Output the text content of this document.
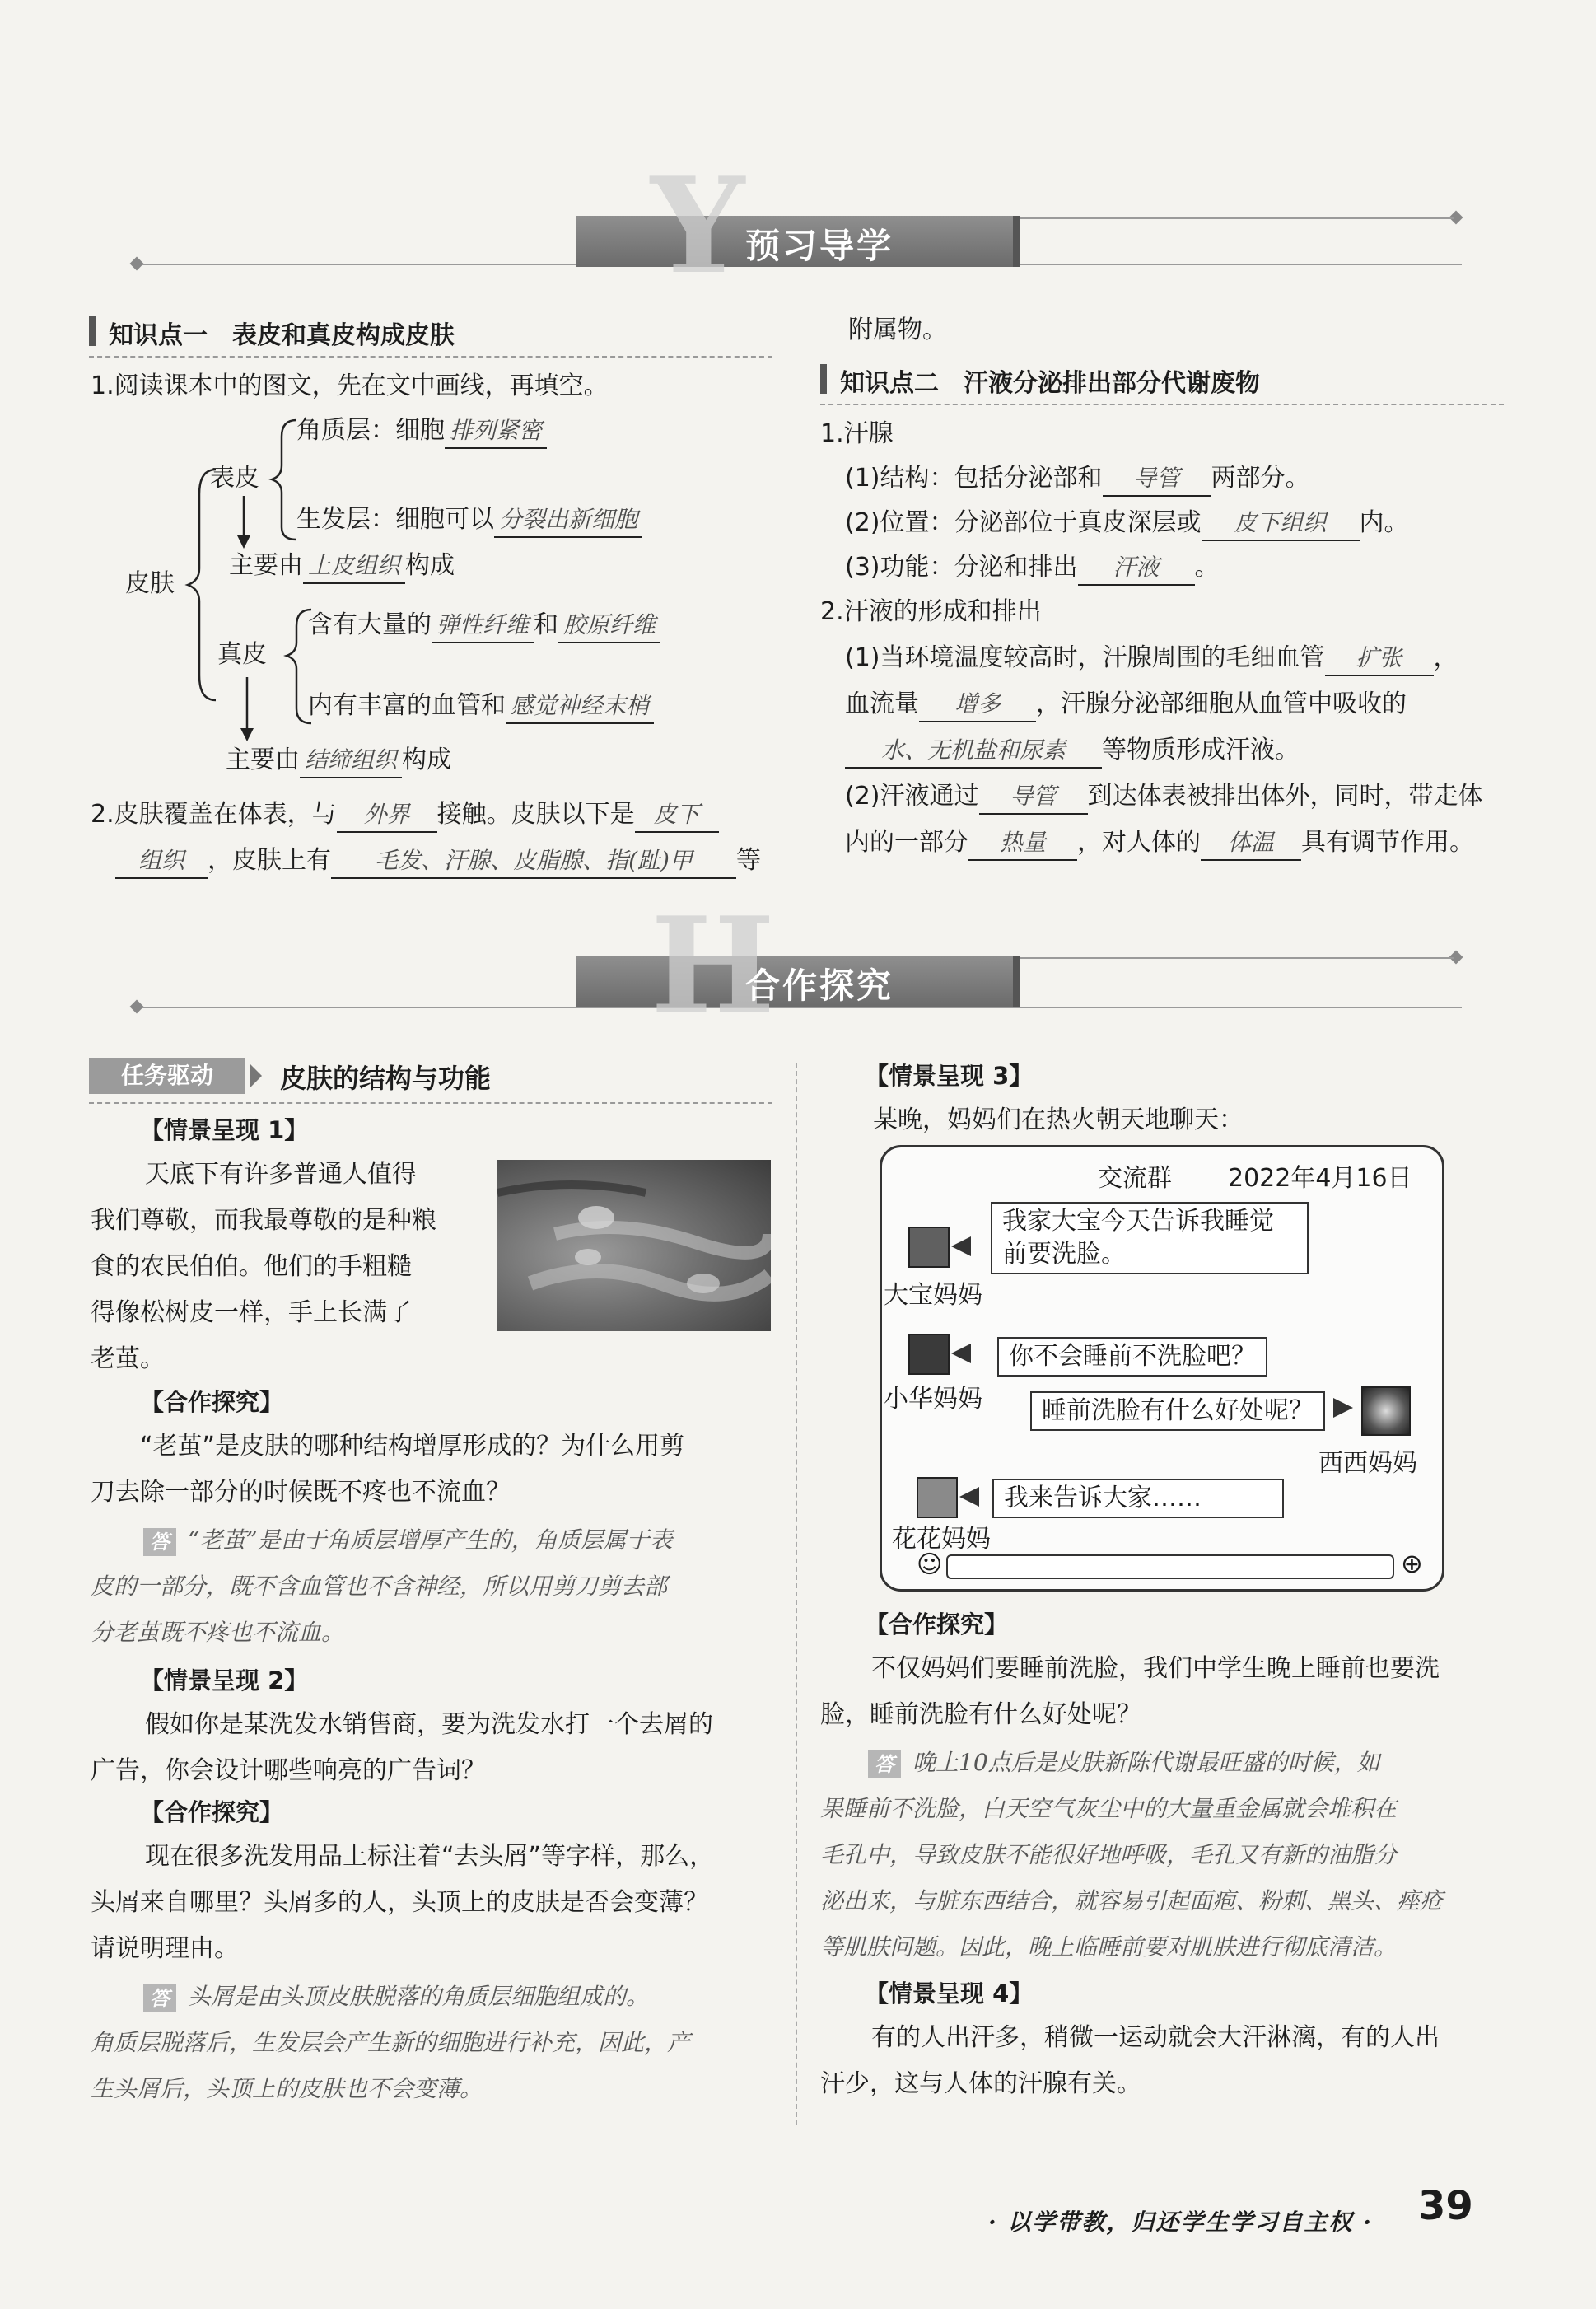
Y 预习导学
知识点一　表皮和真皮构成皮肤
1.阅读课本中的图文，先在文中画线，再填空。
皮肤
表皮
角质层：细胞 排列紧密
生发层：细胞可以 分裂出新细胞
主要由 上皮组织 构成
真皮
含有大量的 弹性纤维 和 胶原纤维
内有丰富的血管和 感觉神经末梢
主要由 结缔组织 构成
2.皮肤覆盖在体表，与 外界 接触。皮肤以下是 皮下
组织 ，皮肤上有 毛发、汗腺、皮脂腺、指(趾)甲 等
附属物。
知识点二　汗液分泌排出部分代谢废物
1.汗腺
(1)结构：包括分泌部和 导管 两部分。
(2)位置：分泌部位于真皮深层或 皮下组织 内。
(3)功能：分泌和排出 汗液 。
2.汗液的形成和排出
(1)当环境温度较高时，汗腺周围的毛细血管 扩张 ，
血流量 增多 ，汗腺分泌部细胞从血管中吸收的
水、无机盐和尿素 等物质形成汗液。
(2)汗液通过 导管 到达体表被排出体外，同时，带走体
内的一部分 热量 ，对人体的 体温 具有调节作用。
H
合作探究
任务驱动	皮肤的结构与功能
【情景呈现 1】
天底下有许多普通人值得
我们尊敬，而我最尊敬的是种粮
食的农民伯伯。他们的手粗糙
得像松树皮一样，手上长满了
老茧。
【合作探究】
“老茧”是皮肤的哪种结构增厚形成的？为什么用剪
刀去除一部分的时候既不疼也不流血？
答 “老茧”是由于角质层增厚产生的，角质层属于表
皮的一部分，既不含血管也不含神经，所以用剪刀剪去部
分老茧既不疼也不流血。
【情景呈现 2】
假如你是某洗发水销售商，要为洗发水打一个去屑的
广告，你会设计哪些响亮的广告词？
【合作探究】
现在很多洗发用品上标注着“去头屑”等字样，那么，
头屑来自哪里？头屑多的人，头顶上的皮肤是否会变薄？
请说明理由。
答 头屑是由头顶皮肤脱落的角质层细胞组成的。
角质层脱落后，生发层会产生新的细胞进行补充，因此，产
生头屑后，头顶上的皮肤也不会变薄。
【情景呈现 3】
某晚，妈妈们在热火朝天地聊天：
交流群 2022年4月16日
我家大宝今天告诉我睡觉
前要洗脸。
大宝妈妈
你不会睡前不洗脸吧？
小华妈妈	睡前洗脸有什么好处呢？
西西妈妈
我来告诉大家……
花花妈妈
☺	⊕
【合作探究】
不仅妈妈们要睡前洗脸，我们中学生晚上睡前也要洗
脸，睡前洗脸有什么好处呢？
答 晚上10点后是皮肤新陈代谢最旺盛的时候，如
果睡前不洗脸，白天空气灰尘中的大量重金属就会堆积在
毛孔中，导致皮肤不能很好地呼吸，毛孔又有新的油脂分
泌出来，与脏东西结合，就容易引起面疱、粉刺、黑头、痤疮
等肌肤问题。因此，晚上临睡前要对肌肤进行彻底清洁。
【情景呈现 4】
有的人出汗多，稍微一运动就会大汗淋漓，有的人出
汗少，这与人体的汗腺有关。
· 以学带教，归还学生学习自主权 · 39
